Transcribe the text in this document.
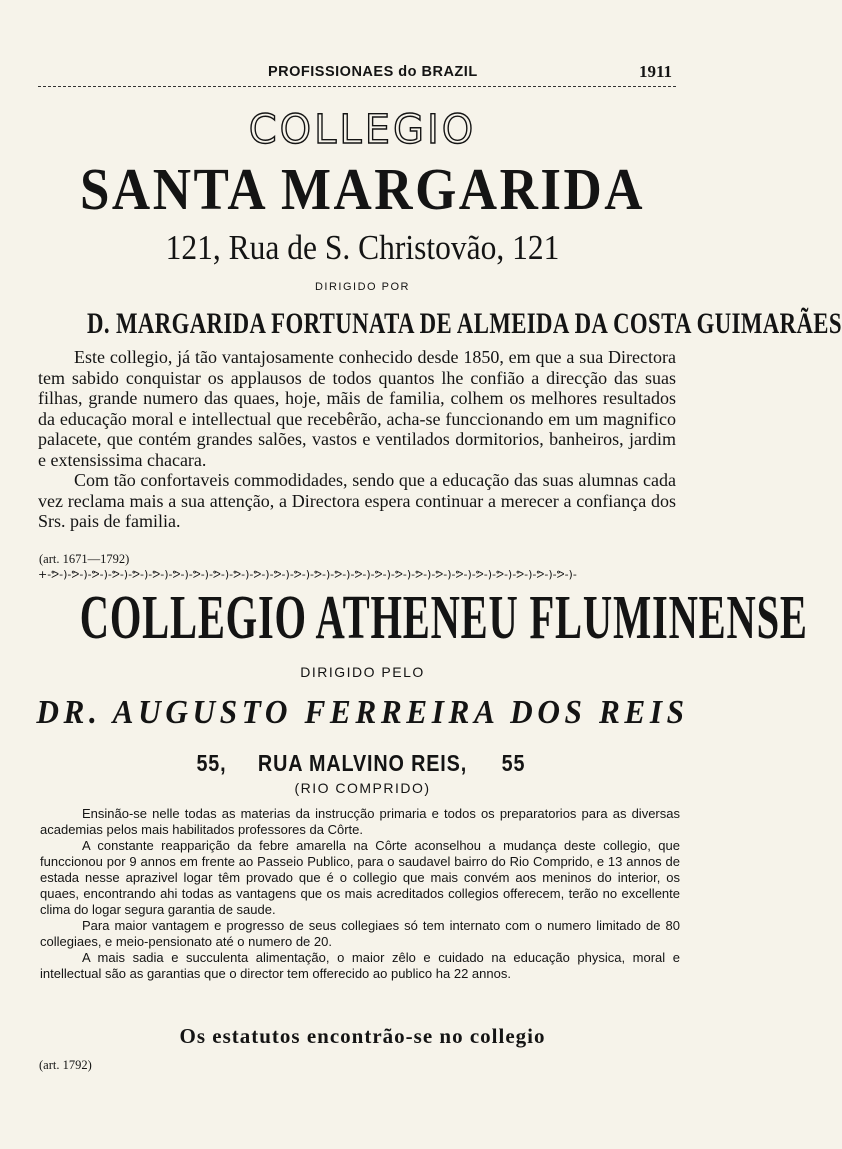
PROFISSIONAES do BRAZIL	1911
COLLEGIO
SANTA MARGARIDA
121, Rua de S. Christovão, 121
DIRIGIDO POR
D. MARGARIDA FORTUNATA DE ALMEIDA DA COSTA GUIMARÃES

Este collegio, já tão vantajosamente conhecido desde 1850, em que a sua Directora tem sabido conquistar os applausos de todos quantos lhe confião a direcção das suas filhas, grande numero das quaes, hoje, mãis de familia, colhem os melhores resultados da educação moral e intellectual que recebêrão, acha-se funccionando em um magnifico palacete, que contém grandes salões, vastos e ventilados dormitorios, banheiros, jardim e extensissima chacara.

Com tão confortaveis commodidades, sendo que a educação das suas alumnas cada vez reclama mais a sua attenção, a Directora espera continuar a merecer a confiança dos Srs. pais de familia.

(art. 1671—1792)
+-ᕗ-)-ᕗ-)-ᕗ-)-ᕗ-)-ᕗ-)-ᕗ-)-ᕗ-)-ᕗ-)-ᕗ-)-ᕗ-)-ᕗ-)-ᕗ-)-ᕗ-)-ᕗ-)-ᕗ-)-ᕗ-)-ᕗ-)-ᕗ-)-ᕗ-)-ᕗ-)-ᕗ-)-ᕗ-)-ᕗ-)-ᕗ-)-ᕗ-)-ᕗ-)-
COLLEGIO ATHENEU FLUMINENSE
DIRIGIDO PELO
DR. AUGUSTO FERREIRA DOS REIS
55, RUA MALVINO REIS, 55
(RIO COMPRIDO)

Ensinão-se nelle todas as materias da instrucção primaria e todos os preparatorios para as diversas academias pelos mais habilitados professores da Côrte.

A constante reapparição da febre amarella na Côrte aconselhou a mudança deste collegio, que funccionou por 9 annos em frente ao Passeio Publico, para o saudavel bairro do Rio Comprido, e 13 annos de estada nesse aprazivel logar têm provado que é o collegio que mais convém aos meninos do interior, os quaes, encontrando ahi todas as vantagens que os mais acreditados collegios offerecem, terão no excellente clima do logar segura garantia de saude.

Para maior vantagem e progresso de seus collegiaes só tem internato com o numero limitado de 80 collegiaes, e meio-pensionato até o numero de 20.

A mais sadia e succulenta alimentação, o maior zêlo e cuidado na educação physica, moral e intellectual são as garantias que o director tem offerecido ao publico ha 22 annos.

Os estatutos encontrão-se no collegio
(art. 1792)
